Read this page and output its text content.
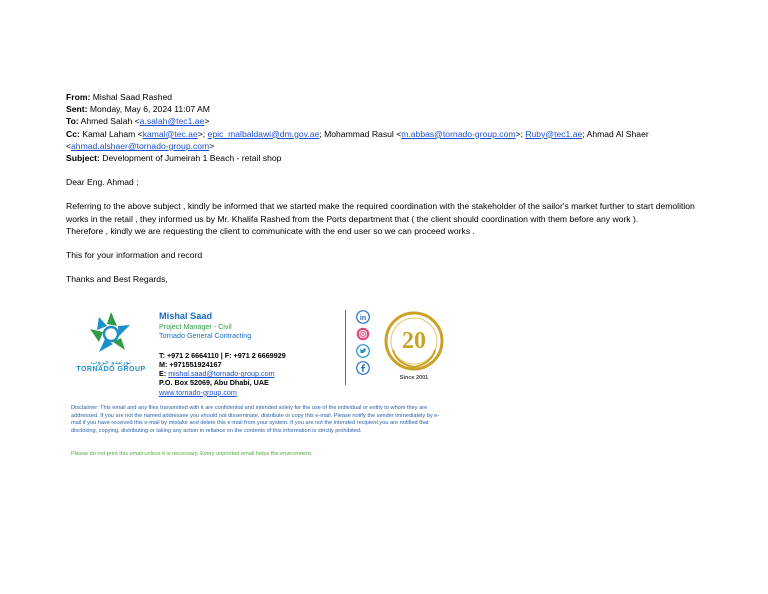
From: Mishal Saad Rashed
Sent: Monday, May 6, 2024 11:07 AM
To: Ahmed Salah <a.salah@tec1.ae>
Cc: Kamal Laham <kamal@tec.ae>; epic_malbaldawi@dm.gov.ae; Mohammad Rasul <m.abbas@tornado-group.com>; Ruby@tec1.ae; Ahmad Al Shaer
<ahmad.alshaer@tornado-group.com>
Subject: Development of Jumeirah 1 Beach - retail shop

Dear Eng. Ahmad ;

Referring to the above subject , kindly be informed that we started make the required coordination with the stakeholder of the sailor's market further to start demolition works in the retail , they informed us by Mr. Khalifa Rashed from the Ports department that ( the client should coordination with them before any work ).

Therefore , kindly we are requesting the client to communicate with the end user so we can proceed works .

This for your information and record

Thanks and Best Regards,

تورنيدو جروب
TORNADO GROUP
Mishal Saad
Project Manager - Civil
Tornado General Contracting
T: +971 2 6664110 | F: +971 2 6669929
M: +971551924167
E: mishal.saad@tornado-group.com
P.O. Box 52069, Abu Dhabi, UAE
www.tornado-group.com
in
20
Since 2001
Disclaimer: This email and any files transmitted with it are confidential and intended solely for the use of the individual or entity to whom they are addressed. If you are not the named addressee you should not disseminate, distribute or copy this e-mail. Please notify the sender immediately by e-mail if you have received this e-mail by mistake and delete this e-mail from your system. If you are not the intended recipient you are notified that disclosing, copying, distributing or taking any action in reliance on the contents of this information is strictly prohibited.
Please do not print this email unless it is necessary. Every unprinted email helps the environment.
